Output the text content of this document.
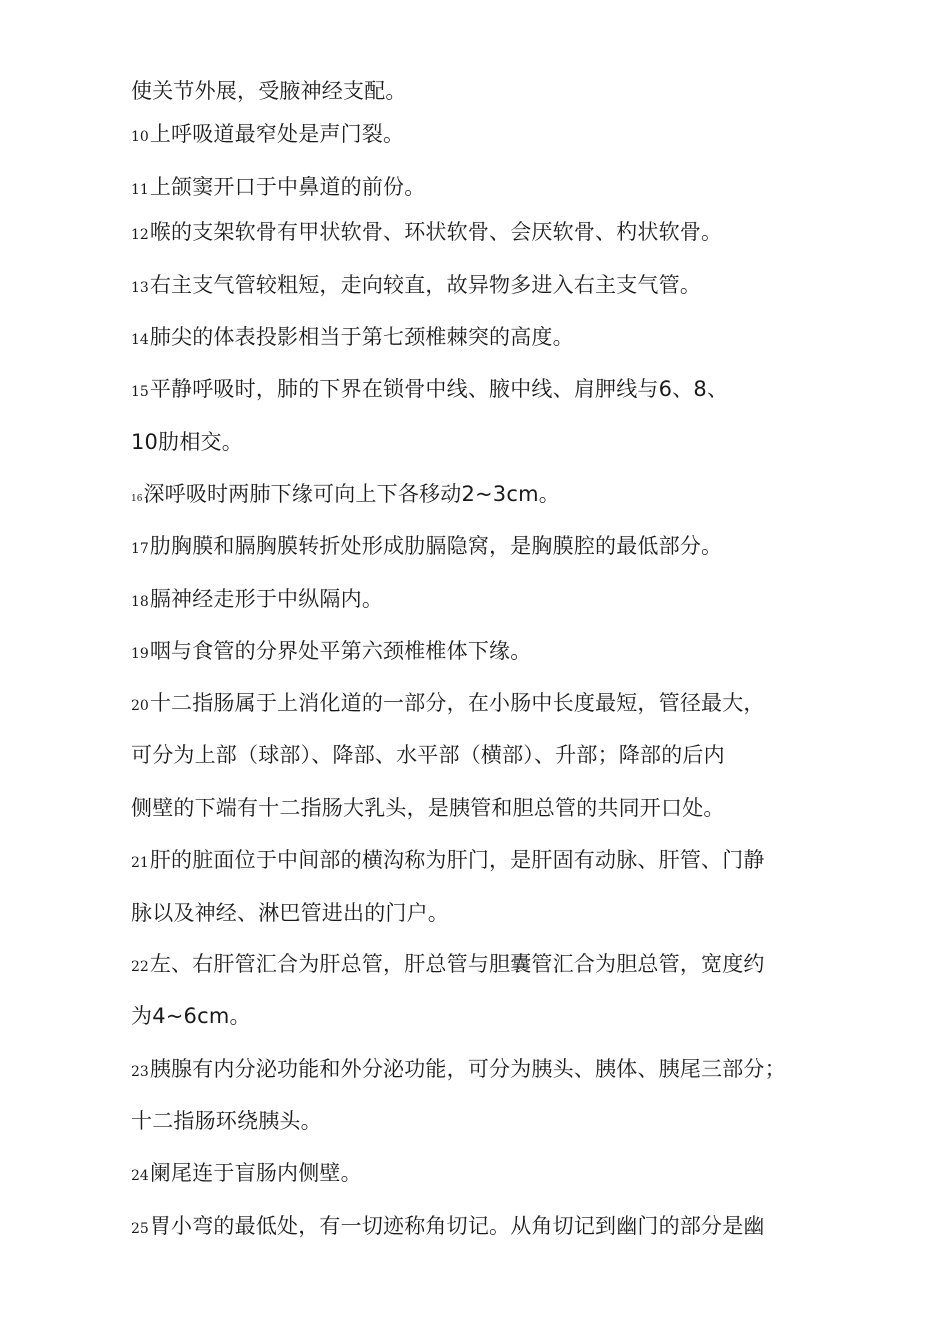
使关节外展，受腋神经支配。
10上呼吸道最窄处是声门裂。
11上颌窦开口于中鼻道的前份。
12喉的支架软骨有甲状软骨、环状软骨、会厌软骨、杓状软骨。
13右主支气管较粗短，走向较直，故异物多进入右主支气管。
14肺尖的体表投影相当于第七颈椎棘突的高度。
15平静呼吸时，肺的下界在锁骨中线、腋中线、肩胛线与6、8、
10肋相交。
16深呼吸时两肺下缘可向上下各移动2~3cm。
17肋胸膜和膈胸膜转折处形成肋膈隐窝，是胸膜腔的最低部分。
18膈神经走形于中纵隔内。
19咽与食管的分界处平第六颈椎椎体下缘。
20十二指肠属于上消化道的一部分，在小肠中长度最短，管径最大，
可分为上部（球部）、降部、水平部（横部）、升部；降部的后内
侧壁的下端有十二指肠大乳头，是胰管和胆总管的共同开口处。
21肝的脏面位于中间部的横沟称为肝门，是肝固有动脉、肝管、门静
脉以及神经、淋巴管进出的门户。
22左、右肝管汇合为肝总管，肝总管与胆囊管汇合为胆总管，宽度约
为4~6cm。
23胰腺有内分泌功能和外分泌功能，可分为胰头、胰体、胰尾三部分；
十二指肠环绕胰头。
24阑尾连于盲肠内侧壁。
25胃小弯的最低处，有一切迹称角切记。从角切记到幽门的部分是幽
